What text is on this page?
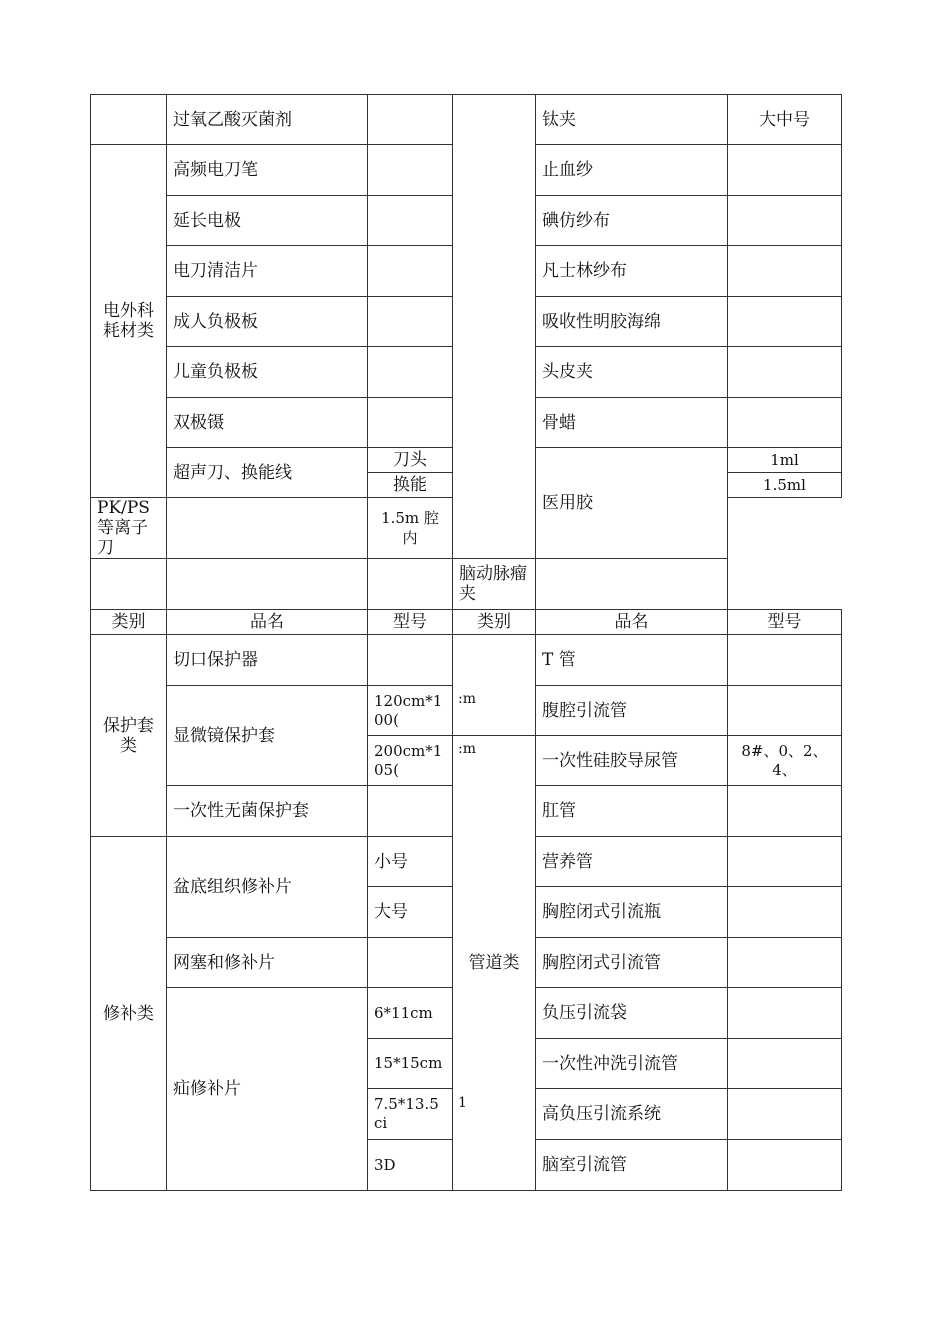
	过氧乙酸灭菌剂			钛夹	大中号
电外科耗材类	高频电刀笔			止血纱	
	延长电极			碘仿纱布	
	电刀清洁片			凡士林纱布	
	成人负极板			吸收性明胶海绵	
	儿童负极板			头皮夹	
	双极镊			骨蜡	
	超声刀、换能线	刀头		医用胶	1ml
		换能			1.5ml
PK/PS 等离子刀		1.5m 腔内			
			脑动脉瘤夹		
类别	品名	型号	类别	品名	型号
保护套类	切口保护器			T 管	
	显微镜保护套	120cm*100(		腹腔引流管	
		200cm*105(	管道类	一次性硅胶导尿管	8#、0、2、4、
	一次性无菌保护套			肛管	
修补类	盆底组织修补片	小号		营养管	
		大号		胸腔闭式引流瓶	
	网塞和修补片			胸腔闭式引流管	
	疝修补片	6*11cm		负压引流袋	
		15*15cm		一次性冲洗引流管	
		7.5*13.5ci		高负压引流系统	
		3D		脑室引流管	
:m
:m
1
